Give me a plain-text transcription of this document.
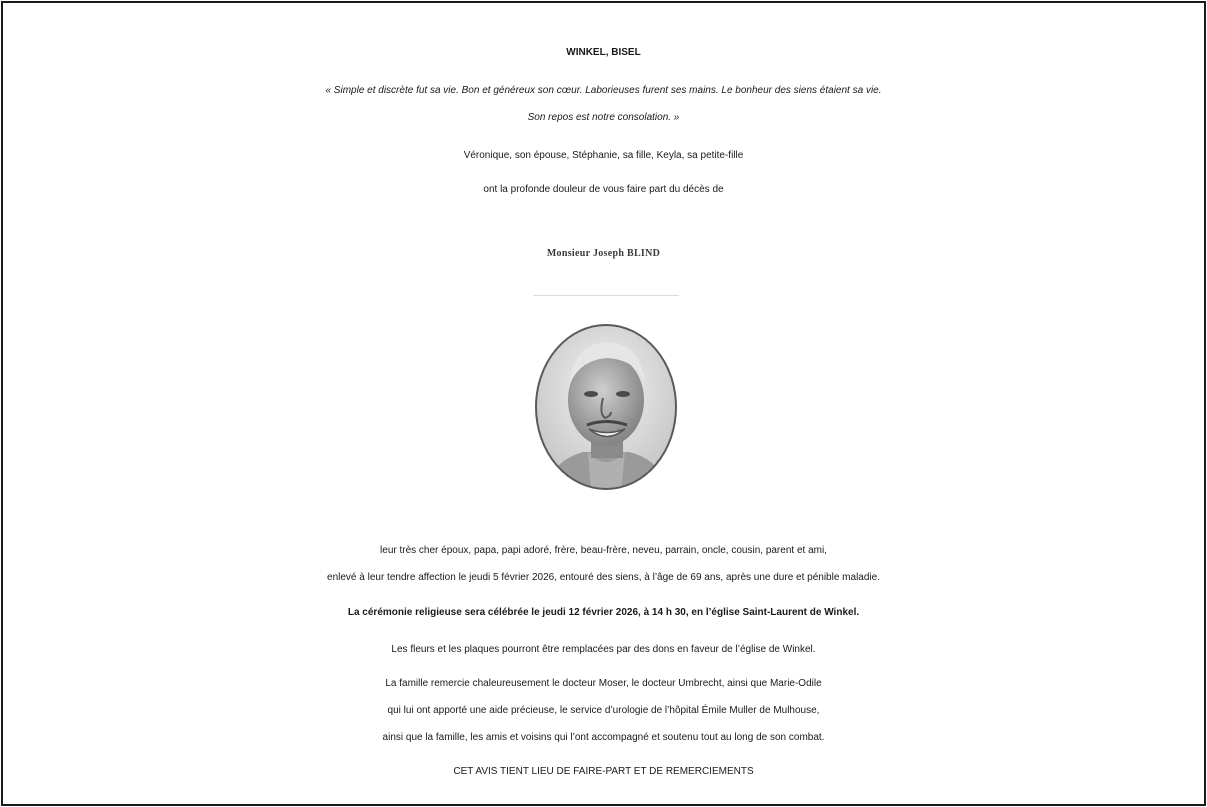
WINKEL, BISEL
« Simple et discrète fut sa vie. Bon et généreux son cœur. Laborieuses furent ses mains. Le bonheur des siens étaient sa vie.
Son repos est notre consolation. »
Véronique, son épouse, Stéphanie, sa fille, Keyla, sa petite-fille
ont la profonde douleur de vous faire part du décès de
Monsieur Joseph BLIND
leur très cher époux, papa, papi adoré, frère, beau-frère, neveu, parrain, oncle, cousin, parent et ami,
enlevé à leur tendre affection le jeudi 5 février 2026, entouré des siens, à l’âge de 69 ans, après une dure et pénible maladie.
La cérémonie religieuse sera célébrée le jeudi 12 février 2026, à 14 h 30, en l’église Saint-Laurent de Winkel.
Les fleurs et les plaques pourront être remplacées par des dons en faveur de l’église de Winkel.
La famille remercie chaleureusement le docteur Moser, le docteur Umbrecht, ainsi que Marie-Odile
qui lui ont apporté une aide précieuse, le service d’urologie de l’hôpital Émile Muller de Mulhouse,
ainsi que la famille, les amis et voisins qui l’ont accompagné et soutenu tout au long de son combat.
CET AVIS TIENT LIEU DE FAIRE-PART ET DE REMERCIEMENTS
